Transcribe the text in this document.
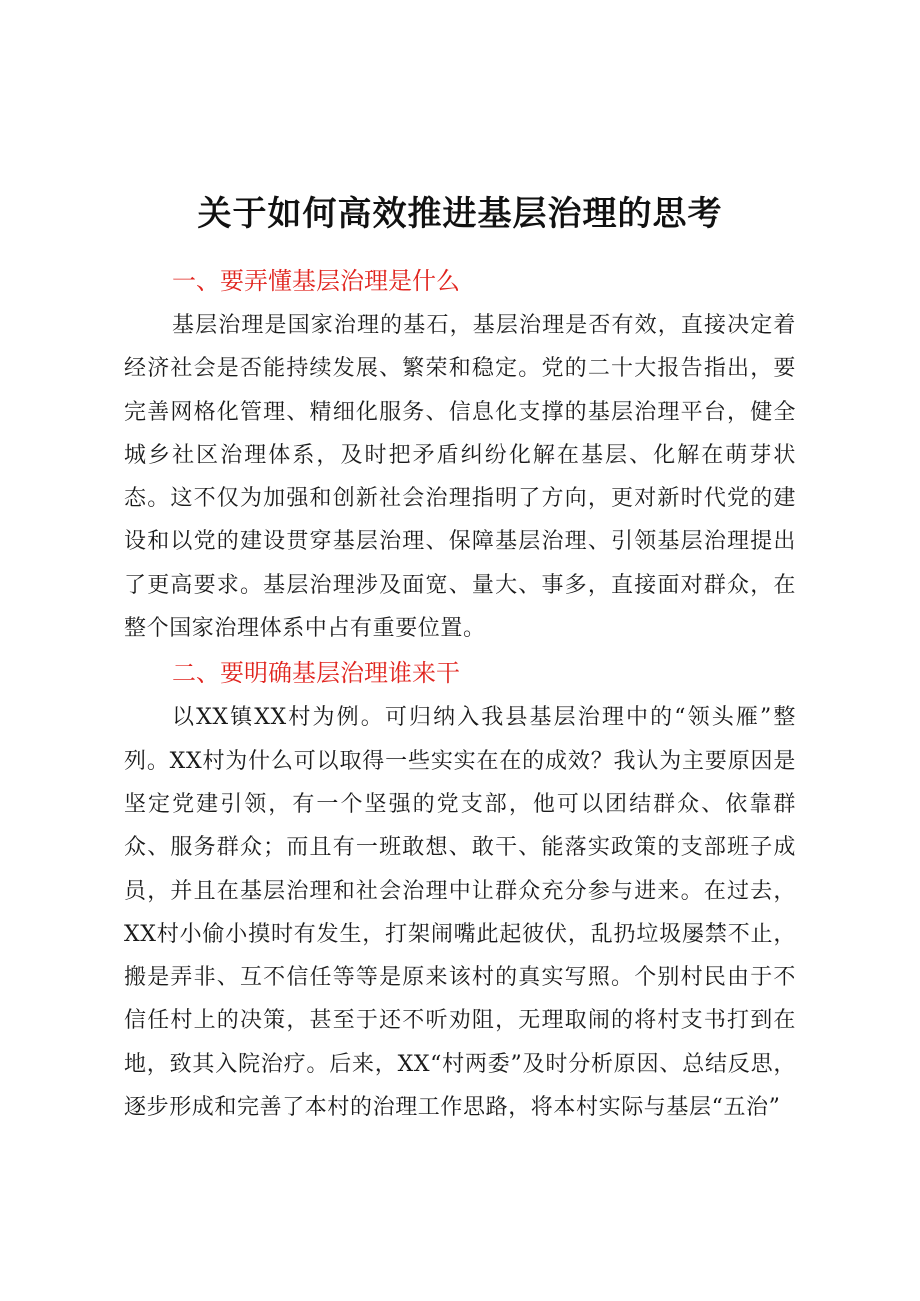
关于如何高效推进基层治理的思考
一、要弄懂基层治理是什么

基层治理是国家治理的基石，基层治理是否有效，直接决定着经济社会是否能持续发展、繁荣和稳定。党的二十大报告指出，要完善网格化管理、精细化服务、信息化支撑的基层治理平台，健全城乡社区治理体系，及时把矛盾纠纷化解在基层、化解在萌芽状态。这不仅为加强和创新社会治理指明了方向，更对新时代党的建设和以党的建设贯穿基层治理、保障基层治理、引领基层治理提出了更高要求。基层治理涉及面宽、量大、事多，直接面对群众，在整个国家治理体系中占有重要位置。

二、要明确基层治理谁来干

以XX镇XX村为例。可归纳入我县基层治理中的“领头雁”整列。XX村为什么可以取得一些实实在在的成效？我认为主要原因是坚定党建引领，有一个坚强的党支部，他可以团结群众、依靠群众、服务群众；而且有一班敢想、敢干、能落实政策的支部班子成员，并且在基层治理和社会治理中让群众充分参与进来。在过去，XX村小偷小摸时有发生，打架闹嘴此起彼伏，乱扔垃圾屡禁不止，搬是弄非、互不信任等等是原来该村的真实写照。个别村民由于不信任村上的决策，甚至于还不听劝阻，无理取闹的将村支书打到在地，致其入院治疗。后来，XX“村两委”及时分析原因、总结反思，逐步形成和完善了本村的治理工作思路，将本村实际与基层“五治”
